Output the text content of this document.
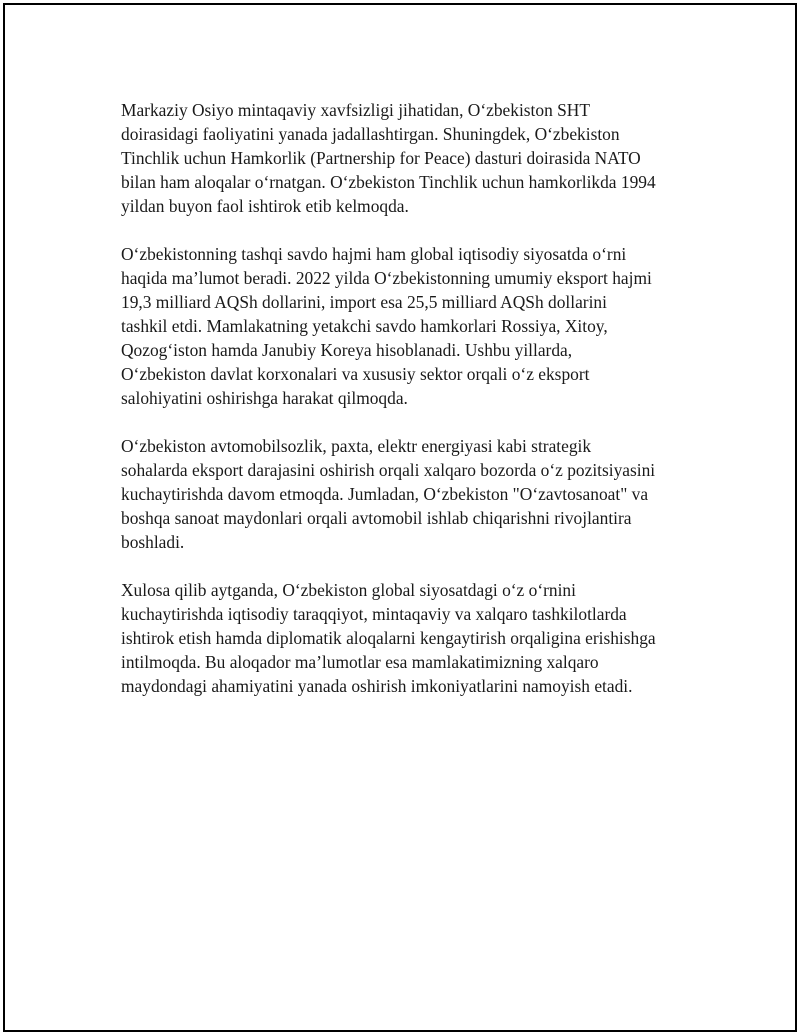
Markaziy Osiyo mintaqaviy xavfsizligi jihatidan, O‘zbekiston SHT
doirasidagi faoliyatini yanada jadallashtirgan. Shuningdek, O‘zbekiston
Tinchlik uchun Hamkorlik (Partnership for Peace) dasturi doirasida NATO
bilan ham aloqalar o‘rnatgan. O‘zbekiston Tinchlik uchun hamkorlikda 1994
yildan buyon faol ishtirok etib kelmoqda.

O‘zbekistonning tashqi savdo hajmi ham global iqtisodiy siyosatda o‘rni
haqida ma’lumot beradi. 2022 yilda O‘zbekistonning umumiy eksport hajmi
19,3 milliard AQSh dollarini, import esa 25,5 milliard AQSh dollarini
tashkil etdi. Mamlakatning yetakchi savdo hamkorlari Rossiya, Xitoy,
Qozog‘iston hamda Janubiy Koreya hisoblanadi. Ushbu yillarda,
O‘zbekiston davlat korxonalari va xususiy sektor orqali o‘z eksport
salohiyatini oshirishga harakat qilmoqda.

O‘zbekiston avtomobilsozlik, paxta, elektr energiyasi kabi strategik
sohalarda eksport darajasini oshirish orqali xalqaro bozorda o‘z pozitsiyasini
kuchaytirishda davom etmoqda. Jumladan, O‘zbekiston "O‘zavtosanoat" va
boshqa sanoat maydonlari orqali avtomobil ishlab chiqarishni rivojlantira
boshladi.

Xulosa qilib aytganda, O‘zbekiston global siyosatdagi o‘z o‘rnini
kuchaytirishda iqtisodiy taraqqiyot, mintaqaviy va xalqaro tashkilotlarda
ishtirok etish hamda diplomatik aloqalarni kengaytirish orqaligina erishishga
intilmoqda. Bu aloqador ma’lumotlar esa mamlakatimizning xalqaro
maydondagi ahamiyatini yanada oshirish imkoniyatlarini namoyish etadi.
